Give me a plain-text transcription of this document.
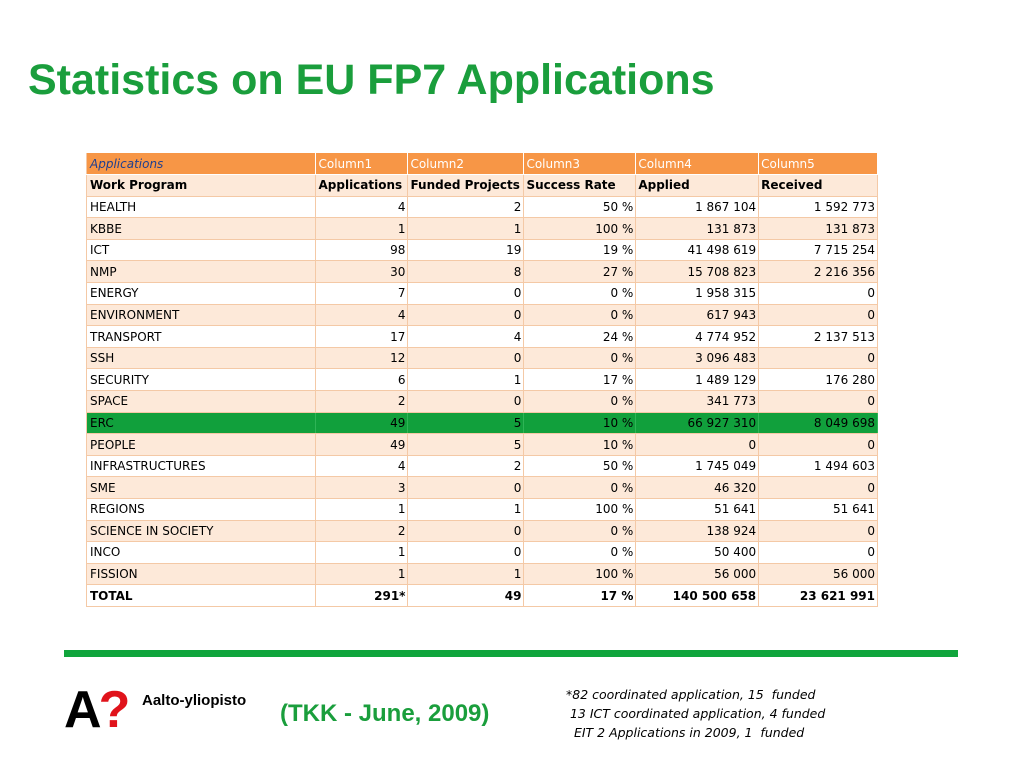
Statistics on EU FP7 Applications
Applications	Column1	Column2	Column3	Column4	Column5
Work Program	Applications	Funded Projects	Success Rate	Applied	Received
HEALTH	4	2	50 %	1 867 104	1 592 773
KBBE	1	1	100 %	131 873	131 873
ICT	98	19	19 %	41 498 619	7 715 254
NMP	30	8	27 %	15 708 823	2 216 356
ENERGY	7	0	0 %	1 958 315	0
ENVIRONMENT	4	0	0 %	617 943	0
TRANSPORT	17	4	24 %	4 774 952	2 137 513
SSH	12	0	0 %	3 096 483	0
SECURITY	6	1	17 %	1 489 129	176 280
SPACE	2	0	0 %	341 773	0
ERC	49	5	10 %	66 927 310	8 049 698
PEOPLE	49	5	10 %	0	0
INFRASTRUCTURES	4	2	50 %	1 745 049	1 494 603
SME	3	0	0 %	46 320	0
REGIONS	1	1	100 %	51 641	51 641
SCIENCE IN SOCIETY	2	0	0 %	138 924	0
INCO	1	0	0 %	50 400	0
FISSION	1	1	100 %	56 000	56 000
TOTAL	291*	49	17 %	140 500 658	23 621 991
A? Aalto-yliopisto (TKK - June, 2009)
*82 coordinated application, 15  funded
13 ICT coordinated application, 4 funded
EIT 2 Applications in 2009, 1  funded
